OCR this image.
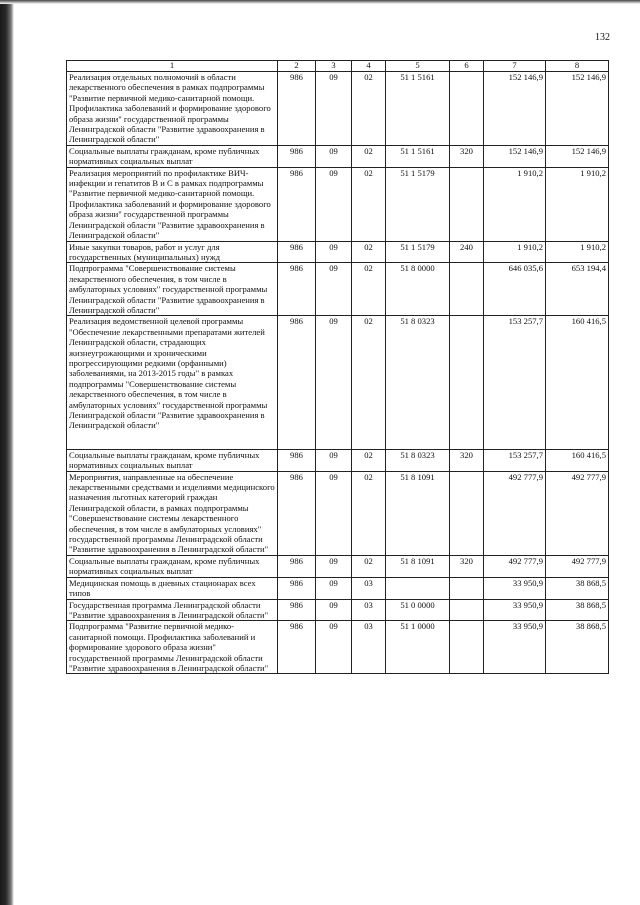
132
1	2	3	4	5	6	7	8
Реализация отдельных полномочий в области лекарственного обеспечения в рамках подпрограммы "Развитие первичной медико-санитарной помощи. Профилактика заболеваний и формирование здорового образа жизни" государственной программы Ленинградской области "Развитие здравоохранения в Ленинградской области"	986	09	02	51 1 5161		152 146,9	152 146,9
Социальные выплаты гражданам, кроме публичных нормативных социальных выплат	986	09	02	51 1 5161	320	152 146,9	152 146,9
Реализация мероприятий по профилактике ВИЧ-инфекции и гепатитов В и С в рамках подпрограммы "Развитие первичной медико-санитарной помощи. Профилактика заболеваний и формирование здорового образа жизни" государственной программы Ленинградской области "Развитие здравоохранения в Ленинградской области"	986	09	02	51 1 5179		1 910,2	1 910,2
Иные закупки товаров, работ и услуг для государственных (муниципальных) нужд	986	09	02	51 1 5179	240	1 910,2	1 910,2
Подпрограмма "Совершенствование системы лекарственного обеспечения, в том числе в амбулаторных условиях" государственной программы Ленинградской области "Развитие здравоохранения в Ленинградской области"	986	09	02	51 8 0000		646 035,6	653 194,4
Реализация ведомственной целевой программы "Обеспечение лекарственными препаратами жителей Ленинградской области, страдающих жизнеугрожающими и хроническими прогрессирующими редкими (орфанными) заболеваниями, на 2013-2015 годы" в рамках подпрограммы "Совершенствование системы лекарственного обеспечения, в том числе в амбулаторных условиях" государственной программы Ленинградской области "Развитие здравоохранения в Ленинградской области"	986	09	02	51 8 0323		153 257,7	160 416,5
Социальные выплаты гражданам, кроме публичных нормативных социальных выплат	986	09	02	51 8 0323	320	153 257,7	160 416,5
Мероприятия, направленные на обеспечение лекарственными средствами и изделиями медицинского назначения льготных категорий граждан Ленинградской области, в рамках подпрограммы "Совершенствование системы лекарственного обеспечения, в том числе в амбулаторных условиях" государственной программы Ленинградской области "Развитие здравоохранения в Ленинградской области"	986	09	02	51 8 1091		492 777,9	492 777,9
Социальные выплаты гражданам, кроме публичных нормативных социальных выплат	986	09	02	51 8 1091	320	492 777,9	492 777,9
Медицинская помощь в дневных стационарах всех типов	986	09	03			33 950,9	38 868,5
Государственная программа Ленинградской области "Развитие здравоохранения в Ленинградской области"	986	09	03	51 0 0000		33 950,9	38 868,5
Подпрограмма "Развитие первичной медико-санитарной помощи. Профилактика заболеваний и формирование здорового образа жизни" государственной программы Ленинградской области "Развитие здравоохранения в Ленинградской области"	986	09	03	51 1 0000		33 950,9	38 868,5
